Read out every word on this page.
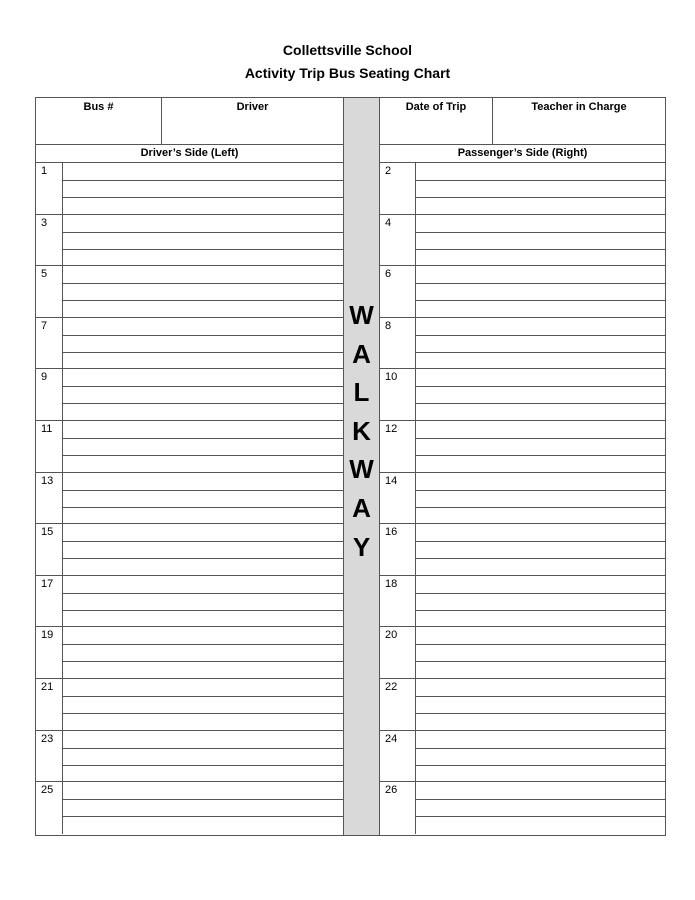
Collettsville School
Activity Trip Bus Seating Chart
Bus #	Driver
Driver’s Side (Left)
1
3
5
7
9
11
13
15
17
19
21
23
25
W
A
L
K
W
A
Y
Date of Trip	Teacher in Charge
Passenger’s Side (Right)
2
4
6
8
10
12
14
16
18
20
22
24
26
